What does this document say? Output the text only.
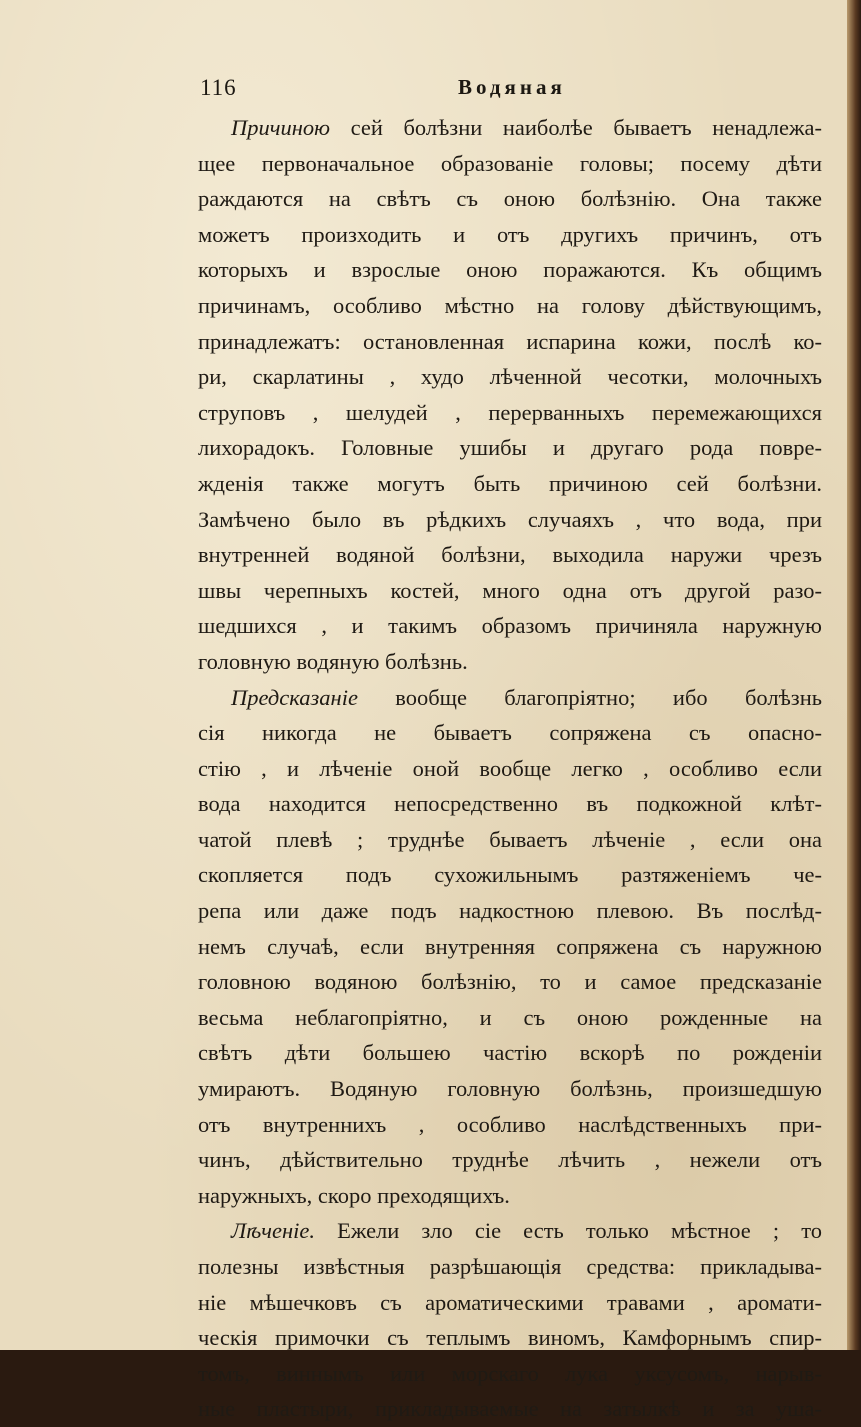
116	Водяная
Причиною сей болѣзни наиболѣе бываетъ ненадлежа-
щее первоначальное образованіе головы; посему дѣти
раждаются на свѣтъ съ оною болѣзнію. Она также
можетъ произходить и отъ другихъ причинъ, отъ
которыхъ и взрослые оною поражаются. Къ общимъ
причинамъ, особливо мѣстно на голову дѣйствующимъ,
принадлежатъ: остановленная испарина кожи, послѣ ко-
ри, скарлатины , худо лѣченной чесотки, молочныхъ
струповъ , шелудей , перерванныхъ перемежающихся
лихорадокъ. Головные ушибы и другаго рода повре-
жденія также могутъ быть причиною сей болѣзни.
Замѣчено было въ рѣдкихъ случаяхъ , что вода, при
внутренней водяной болѣзни, выходила наружи чрезъ
швы черепныхъ костей, много одна отъ другой разо-
шедшихся , и такимъ образомъ причиняла наружную
головную водяную болѣзнь.
Предсказаніе вообще благопріятно; ибо болѣзнь
сія никогда не бываетъ сопряжена съ опасно-
стію , и лѣченіе оной вообще легко , особливо если
вода находится непосредственно въ подкожной клѣт-
чатой плевѣ ; труднѣе бываетъ лѣченіе , если она
скопляется подъ сухожильнымъ разтяженіемъ че-
репа или даже подъ надкостною плевою. Въ послѣд-
немъ случаѣ, если внутренняя сопряжена съ наружною
головною водяною болѣзнію, то и самое предсказаніе
весьма неблагопріятно, и съ оною рожденные на
свѣтъ дѣти большею частію вскорѣ по рожденіи
умираютъ. Водяную головную болѣзнь, произшедшую
отъ внутреннихъ , особливо наслѣдственныхъ при-
чинъ, дѣйствительно труднѣе лѣчить , нежели отъ
наружныхъ, скоро преходящихъ.
Лѣченіе. Ежели зло сіе есть только мѣстное ; то
полезны извѣстныя разрѣшающія средства: прикладыва-
ніе мѣшечковъ съ ароматическими травами , аромати-
ческія примочки съ теплымъ виномъ, Камфорнымъ спир-
томъ, виннымъ или морскаго лука уксусомъ, нарыв-
ные пластыри, прикладываемые на затылкѣ и за уша-
